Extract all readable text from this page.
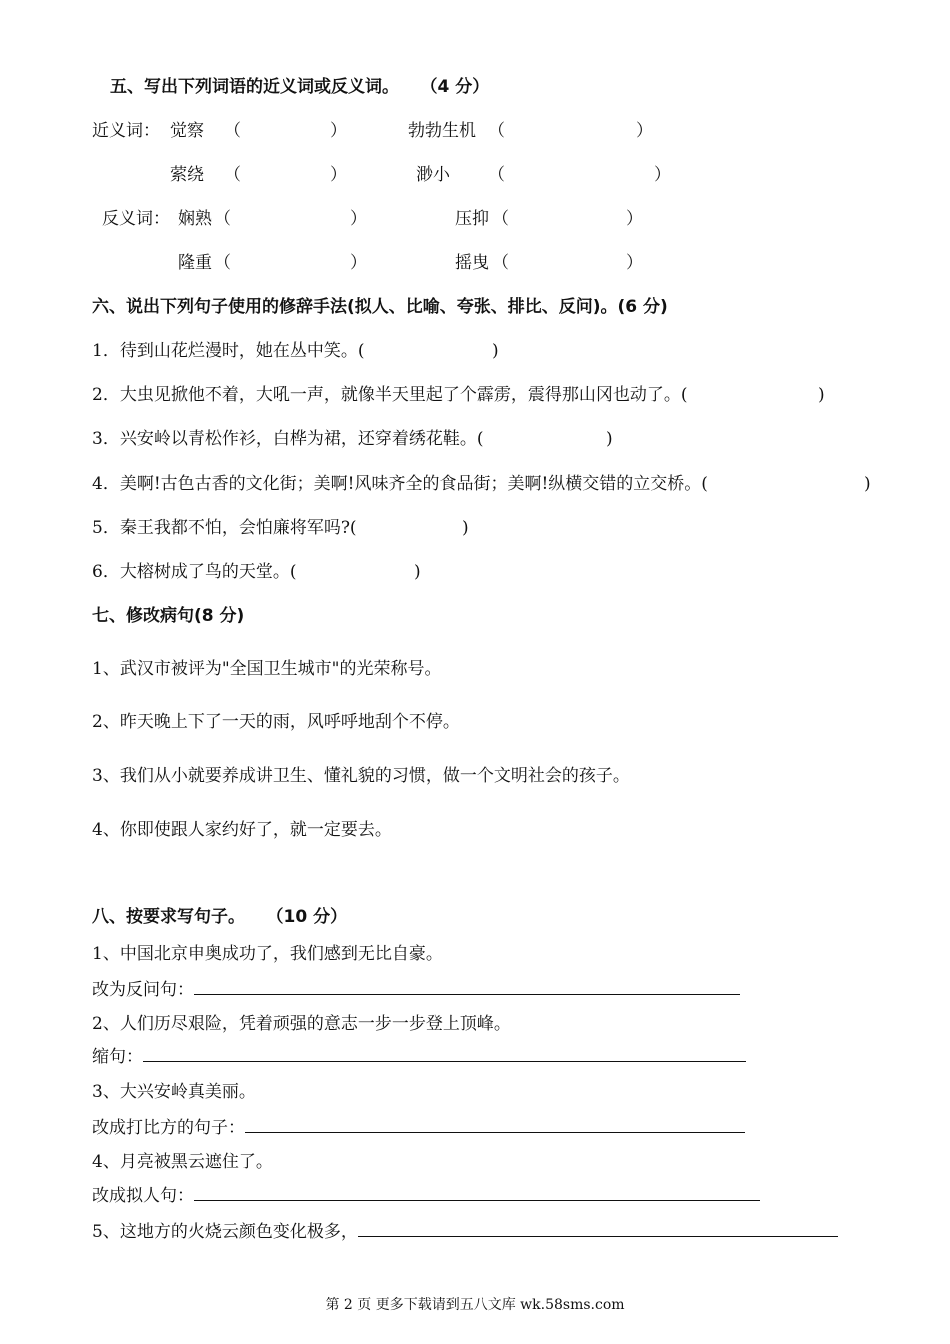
五、写出下列词语的近义词或反义词。 （4 分）
近义词： 觉察 （	）	勃勃生机 （	）
萦绕 （	）	渺小 （	）
反义词： 娴熟 （	）	压抑 （	）
隆重 （	）	摇曳 （	）
六、说出下列句子使用的修辞手法(拟人、比喻、夸张、排比、反问)。(6 分)
1．待到山花烂漫时，她在丛中笑。(	)
2．大虫见掀他不着，大吼一声，就像半天里起了个霹雳，震得那山冈也动了。(	)
3．兴安岭以青松作衫，白桦为裙，还穿着绣花鞋。(	)
4．美啊!古色古香的文化街；美啊!风味齐全的食品街；美啊!纵横交错的立交桥。(	)
5．秦王我都不怕，会怕廉将军吗?(	)
6．大榕树成了鸟的天堂。(	)
七、修改病句(8 分)
1、武汉市被评为"全国卫生城市"的光荣称号。
2、昨天晚上下了一天的雨，风呼呼地刮个不停。
3、我们从小就要养成讲卫生、懂礼貌的习惯，做一个文明社会的孩子。
4、你即使跟人家约好了，就一定要去。
八、按要求写句子。 （10 分）
1、中国北京申奥成功了，我们感到无比自豪。
改为反问句：
2、人们历尽艰险，凭着顽强的意志一步一步登上顶峰。
缩句：
3、大兴安岭真美丽。
改成打比方的句子：
4、月亮被黑云遮住了。
改成拟人句：
5、这地方的火烧云颜色变化极多，
第 2 页 更多下载请到五八文库 wk.58sms.com
